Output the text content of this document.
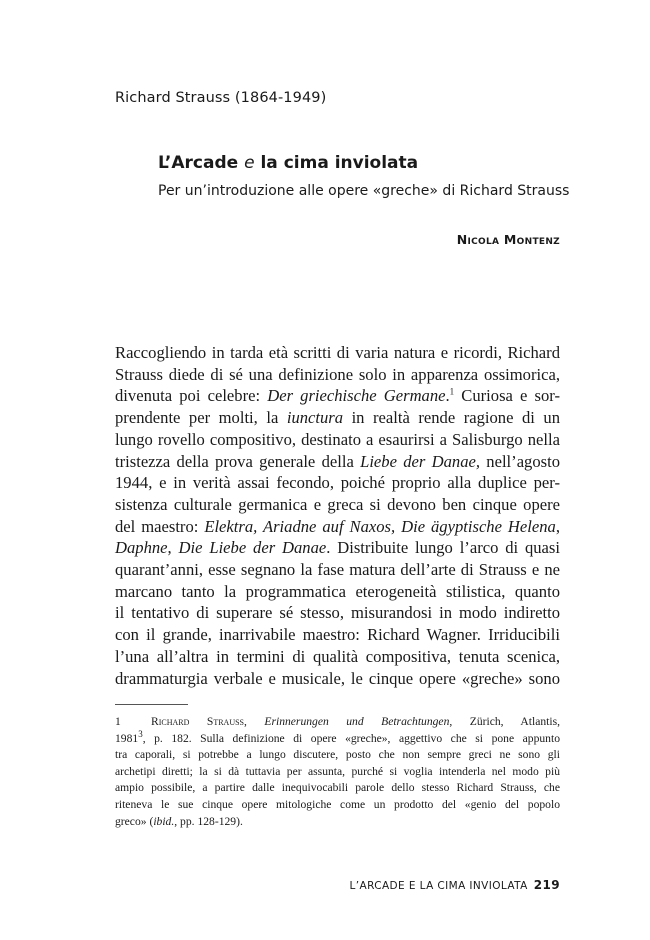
Richard Strauss (1864-1949)
L’Arcade e la cima inviolata
Per un’introduzione alle opere «greche» di Richard Strauss
Nicola Montenz
Raccogliendo in tarda età scritti di varia natura e ricordi, Richard
Strauss diede di sé una definizione solo in apparenza ossimorica,
divenuta poi celebre: Der griechische Germane.$^1$ Curiosa e sor-
prendente per molti, la iunctura in realtà rende ragione di un
lungo rovello compositivo, destinato a esaurirsi a Salisburgo nella
tristezza della prova generale della Liebe der Danae, nell’agosto
1944, e in verità assai fecondo, poiché proprio alla duplice per-
sistenza culturale germanica e greca si devono ben cinque opere
del maestro: Elektra, Ariadne auf Naxos, Die ägyptische Helena,
Daphne, Die Liebe der Danae. Distribuite lungo l’arco di quasi
quarant’anni, esse segnano la fase matura dell’arte di Strauss e ne
marcano tanto la programmatica eterogeneità stilistica, quanto
il tentativo di superare sé stesso, misurandosi in modo indiretto
con il grande, inarrivabile maestro: Richard Wagner. Irriducibili
l’una all’altra in termini di qualità compositiva, tenuta scenica,
drammaturgia verbale e musicale, le cinque opere «greche» sono
1	Richard Strauss, Erinnerungen und Betrachtungen, Zürich, Atlantis,
1981$^3$, p. 182. Sulla definizione di opere «greche», aggettivo che si pone appunto
tra caporali, si potrebbe a lungo discutere, posto che non sempre greci ne sono gli
archetipi diretti; la si dà tuttavia per assunta, purché si voglia intenderla nel modo più
ampio possibile, a partire dalle inequivocabili parole dello stesso Richard Strauss, che
riteneva le sue cinque opere mitologiche come un prodotto del «genio del popolo
greco» (ibid., pp. 128-129).
L’ARCADE E LA CIMA INVIOLATA 219
